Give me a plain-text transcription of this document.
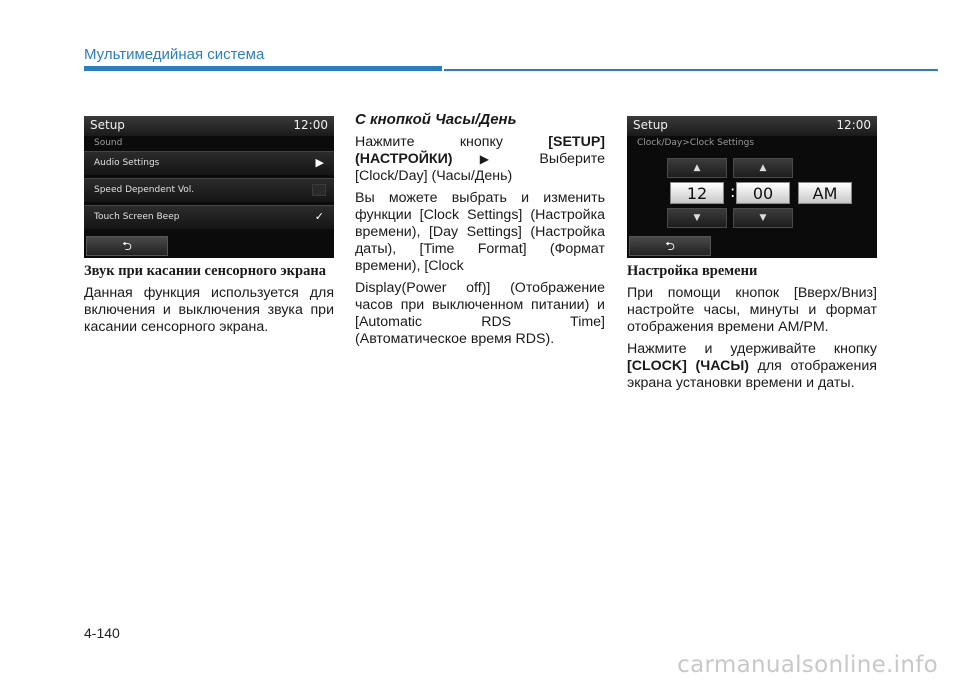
Мультимедийная система
Setup	12:00
Sound
Audio Settings	▶
Speed Dependent Vol.
Touch Screen Beep	✓
⮌
Звук при касании сенсорного экрана

Данная функция используется для включения и выключения звука при касании сенсорного экрана.

С кнопкой Часы/День

Нажмите кнопку [SETUP] (НАСТРОЙКИ) ▶ Выберите [Clock/Day] (Часы/День)

Вы можете выбрать и изменить функции [Clock Settings] (Настройка времени), [Day Settings] (Настройка даты), [Time Format] (Формат времени), [Clock

Display(Power off)] (Отображение часов при выключенном питании) и [Automatic RDS Time] (Автоматическое время RDS).

Setup	12:00
Clock/Day>Clock Settings
▲
12
▼
:
▲
00
▼
AM
⮌
Настройка времени

При помощи кнопок [Вверх/Вниз] настройте часы, минуты и формат отображения времени AM/PM.

Нажмите и удерживайте кнопку [CLOCK] (ЧАСЫ) для отображения экрана установки времени и даты.

4-140
carmanualsonline.info
